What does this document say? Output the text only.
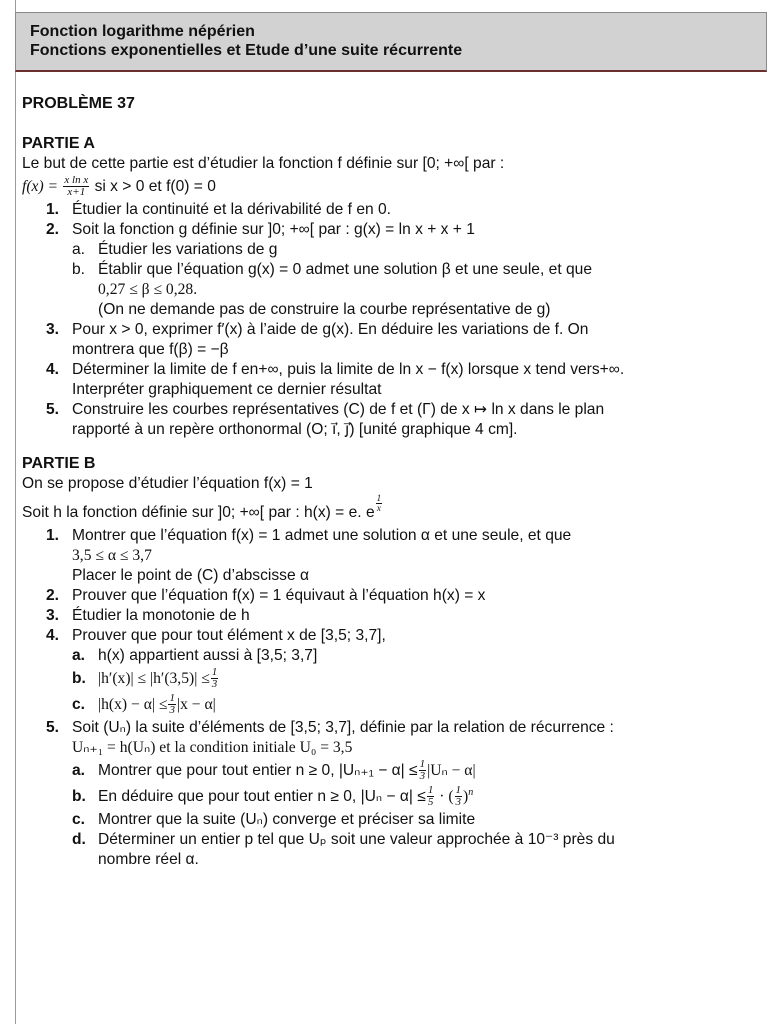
Fonction logarithme népérien
Fonctions exponentielles et Etude d’une suite récurrente

PROBLÈME 37

PARTIE A

Le but de cette partie est d’étudier la fonction f définie sur [0; +∞[ par :

$f(x) = \frac{\text{x ln x}}{x+1}$ si x > 0 et f(0) = 0

1. Étudier la continuité et la dérivabilité de f en 0.

2. Soit la fonction g définie sur ]0; +∞[ par : g(x) = ln x + x + 1

a. Étudier les variations de g

b. Établir que l’équation g(x) = 0 admet une solution β et une seule, et que

0,27 ≤ β ≤ 0,28.

(On ne demande pas de construire la courbe représentative de g)

3. Pour x > 0, exprimer f′(x) à l’aide de g(x). En déduire les variations de f. On

montrera que f(β) = −β

4. Déterminer la limite de f en+∞, puis la limite de ln x − f(x) lorsque x tend vers+∞.

Interpréter graphiquement ce dernier résultat

5. Construire les courbes représentatives (C) de f et (Γ) de x ↦ ln x dans le plan

rapporté à un repère orthonormal (O; ı⃗, ȷ⃗) [unité graphique 4 cm].

PARTIE B

On se propose d’étudier l’équation f(x) = 1

Soit h la fonction définie sur ]0; +∞[ par : h(x) = e. e $^{\frac{1}{x}}$

1. Montrer que l’équation f(x) = 1 admet une solution α et une seule, et que

3,5 ≤ α ≤ 3,7

Placer le point de (C) d’abscisse α

2. Prouver que l’équation f(x) = 1 équivaut à l’équation h(x) = x

3. Étudier la monotonie de h

4. Prouver que pour tout élément x de [3,5; 3,7],

a. h(x) appartient aussi à [3,5; 3,7]

b. $|h'(x)| \le |h'(3,5)| \le \frac{1}{3}$

c. $|h(x) - \alpha| \le \frac{1}{3} |x - \alpha|$

5. Soit (Uₙ) la suite d’éléments de [3,5; 3,7], définie par la relation de récurrence :

Uₙ₊₁ = h(Uₙ) et la condition initiale U₀ = 3,5

a. Montrer que pour tout entier n ≥ 0, $|U_{n+1} - \alpha| \le \frac{1}{3} |U_n - \alpha|$

b. En déduire que pour tout entier n ≥ 0, $|U_n - \alpha| \le \frac{1}{5}$ · ( $\frac{1}{3} )^n$

c. Montrer que la suite (Uₙ) converge et préciser sa limite

d. Déterminer un entier p tel que Uₚ soit une valeur approchée à 10⁻³ près du

nombre réel α.
